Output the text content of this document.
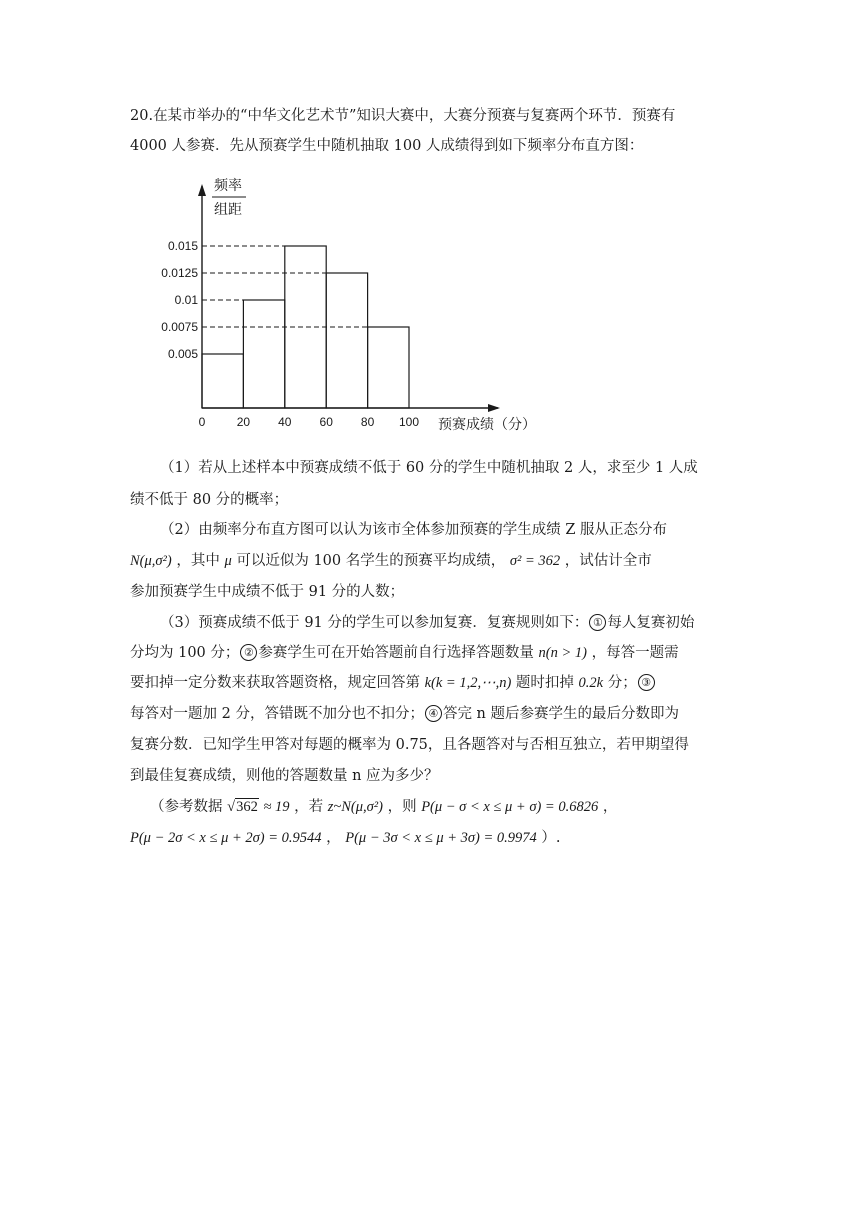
20.在某市举办的“中华文化艺术节”知识大赛中，大赛分预赛与复赛两个环节．预赛有
4000 人参赛．先从预赛学生中随机抽取 100 人成绩得到如下频率分布直方图：
0.015
0.0125
0.01
0.0075
0.005
0	20 40 60 80 100
频率
组距
预赛成绩（分）
（1）若从上述样本中预赛成绩不低于 60 分的学生中随机抽取 2 人，求至少 1 人成
绩不低于 80 分的概率；
（2）由频率分布直方图可以认为该市全体参加预赛的学生成绩 Z 服从正态分布
N(μ,σ²) ，其中 μ 可以近似为 100 名学生的预赛平均成绩， σ² = 362 ，试估计全市
参加预赛学生中成绩不低于 91 分的人数；
（3）预赛成绩不低于 91 分的学生可以参加复赛．复赛规则如下： ① 每人复赛初始
分均为 100 分； ② 参赛学生可在开始答题前自行选择答题数量 n(n > 1) ，每答一题需
要扣掉一定分数来获取答题资格，规定回答第 k(k = 1,2,⋯,n) 题时扣掉 0.2k 分； ③
每答对一题加 2 分，答错既不加分也不扣分； ④ 答完 n 题后参赛学生的最后分数即为
复赛分数．已知学生甲答对每题的概率为 0.75，且各题答对与否相互独立，若甲期望得
到最佳复赛成绩，则他的答题数量 n 应为多少？
（参考数据 √362 ≈ 19 ，若 z~N(μ,σ²) ，则 P(μ − σ < x ≤ μ + σ) = 0.6826 ，
P(μ − 2σ < x ≤ μ + 2σ) = 0.9544 ， P(μ − 3σ < x ≤ μ + 3σ) = 0.9974 ）.
